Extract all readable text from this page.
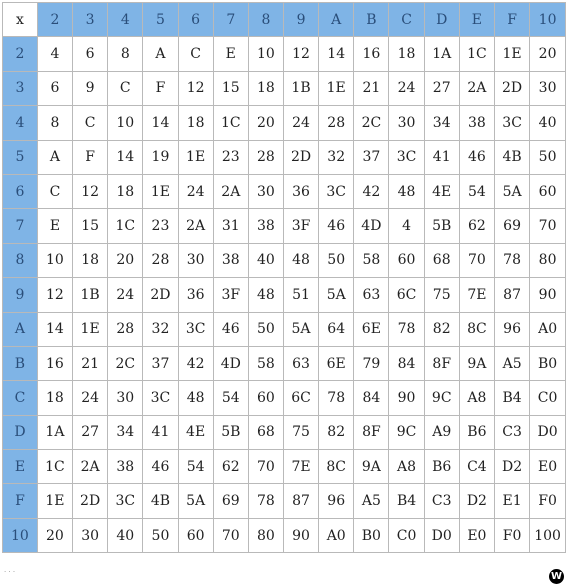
x	2	3	4	5	6	7	8	9	A	B	C	D	E	F	10
2	4	6	8	A	C	E	10	12	14	16	18	1A	1C	1E	20
3	6	9	C	F	12	15	18	1B	1E	21	24	27	2A	2D	30
4	8	C	10	14	18	1C	20	24	28	2C	30	34	38	3C	40
5	A	F	14	19	1E	23	28	2D	32	37	3C	41	46	4B	50
6	C	12	18	1E	24	2A	30	36	3C	42	48	4E	54	5A	60
7	E	15	1C	23	2A	31	38	3F	46	4D	4	5B	62	69	70
8	10	18	20	28	30	38	40	48	50	58	60	68	70	78	80
9	12	1B	24	2D	36	3F	48	51	5A	63	6C	75	7E	87	90
A	14	1E	28	32	3C	46	50	5A	64	6E	78	82	8C	96	A0
B	16	21	2C	37	42	4D	58	63	6E	79	84	8F	9A	A5	B0
C	18	24	30	3C	48	54	60	6C	78	84	90	9C	A8	B4	C0
D	1A	27	34	41	4E	5B	68	75	82	8F	9C	A9	B6	C3	D0
E	1C	2A	38	46	54	62	70	7E	8C	9A	A8	B6	C4	D2	E0
F	1E	2D	3C	4B	5A	69	78	87	96	A5	B4	C3	D2	E1	F0
10	20	30	40	50	60	70	80	90	A0	B0	C0	D0	E0	F0	100
· · ·	W
